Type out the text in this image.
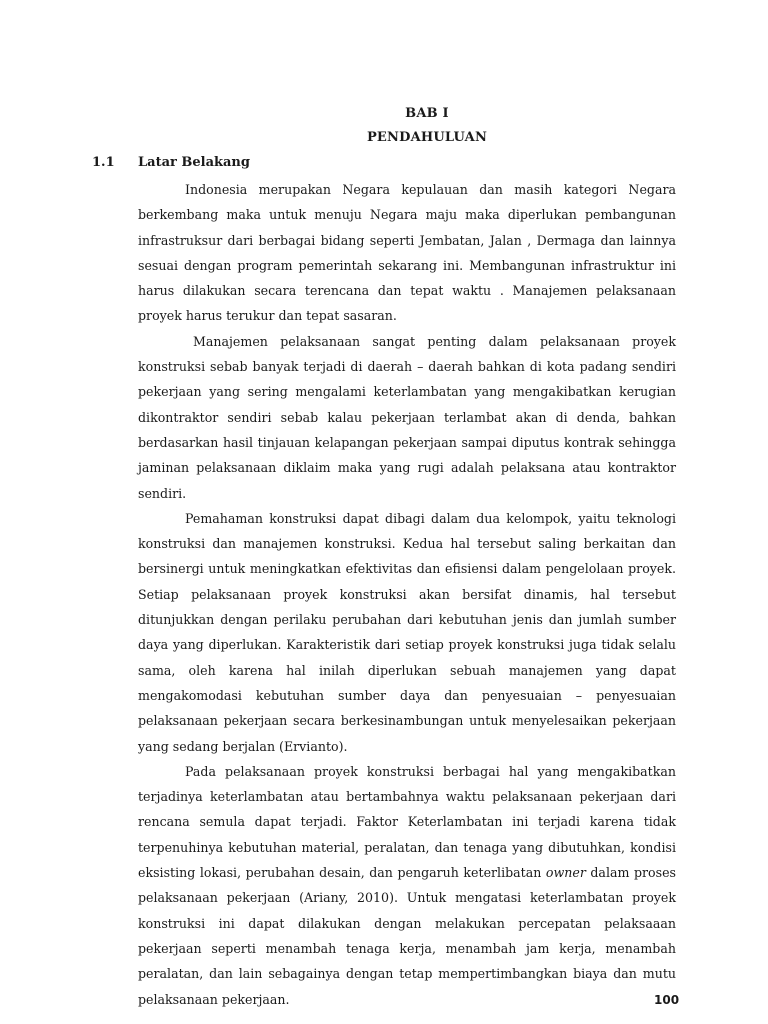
BAB I
PENDAHULUAN
1.1 Latar Belakang

Indonesia merupakan Negara kepulauan dan masih kategori Negara berkembang maka untuk menuju Negara maju maka diperlukan pembangunan infrastruksur dari berbagai bidang seperti Jembatan, Jalan , Dermaga dan lainnya sesuai dengan program pemerintah sekarang ini. Membangunan infrastruktur ini harus dilakukan secara terencana dan tepat waktu . Manajemen pelaksanaan proyek harus terukur dan tepat sasaran.

Manajemen pelaksanaan sangat penting dalam pelaksanaan proyek konstruksi sebab banyak terjadi di daerah – daerah bahkan di kota padang sendiri pekerjaan yang sering mengalami keterlambatan yang mengakibatkan kerugian dikontraktor sendiri sebab kalau pekerjaan terlambat akan di denda, bahkan berdasarkan hasil tinjauan kelapangan pekerjaan sampai diputus kontrak sehingga jaminan pelaksanaan diklaim maka yang rugi adalah pelaksana atau kontraktor sendiri.

Pemahaman konstruksi dapat dibagi dalam dua kelompok, yaitu teknologi konstruksi dan manajemen konstruksi. Kedua hal tersebut saling berkaitan dan bersinergi untuk meningkatkan efektivitas dan efisiensi dalam pengelolaan proyek. Setiap pelaksanaan proyek konstruksi akan bersifat dinamis, hal tersebut ditunjukkan dengan perilaku perubahan dari kebutuhan jenis dan jumlah sumber daya yang diperlukan. Karakteristik dari setiap proyek konstruksi juga tidak selalu sama, oleh karena hal inilah diperlukan sebuah manajemen yang dapat mengakomodasi kebutuhan sumber daya dan penyesuaian – penyesuaian pelaksanaan pekerjaan secara berkesinambungan untuk menyelesaikan pekerjaan yang sedang berjalan (Ervianto).

Pada pelaksanaan proyek konstruksi berbagai hal yang mengakibatkan terjadinya keterlambatan atau bertambahnya waktu pelaksanaan pekerjaan dari rencana semula dapat terjadi. Faktor Keterlambatan ini terjadi karena tidak terpenuhinya kebutuhan material, peralatan, dan tenaga yang dibutuhkan, kondisi eksisting lokasi, perubahan desain, dan pengaruh keterlibatan owner dalam proses pelaksanaan pekerjaan (Ariany, 2010). Untuk mengatasi keterlambatan proyek konstruksi ini dapat dilakukan dengan melakukan percepatan pelaksaaan pekerjaan seperti menambah tenaga kerja, menambah jam kerja, menambah peralatan, dan lain sebagainya dengan tetap mempertimbangkan biaya dan mutu pelaksanaan pekerjaan.	100
